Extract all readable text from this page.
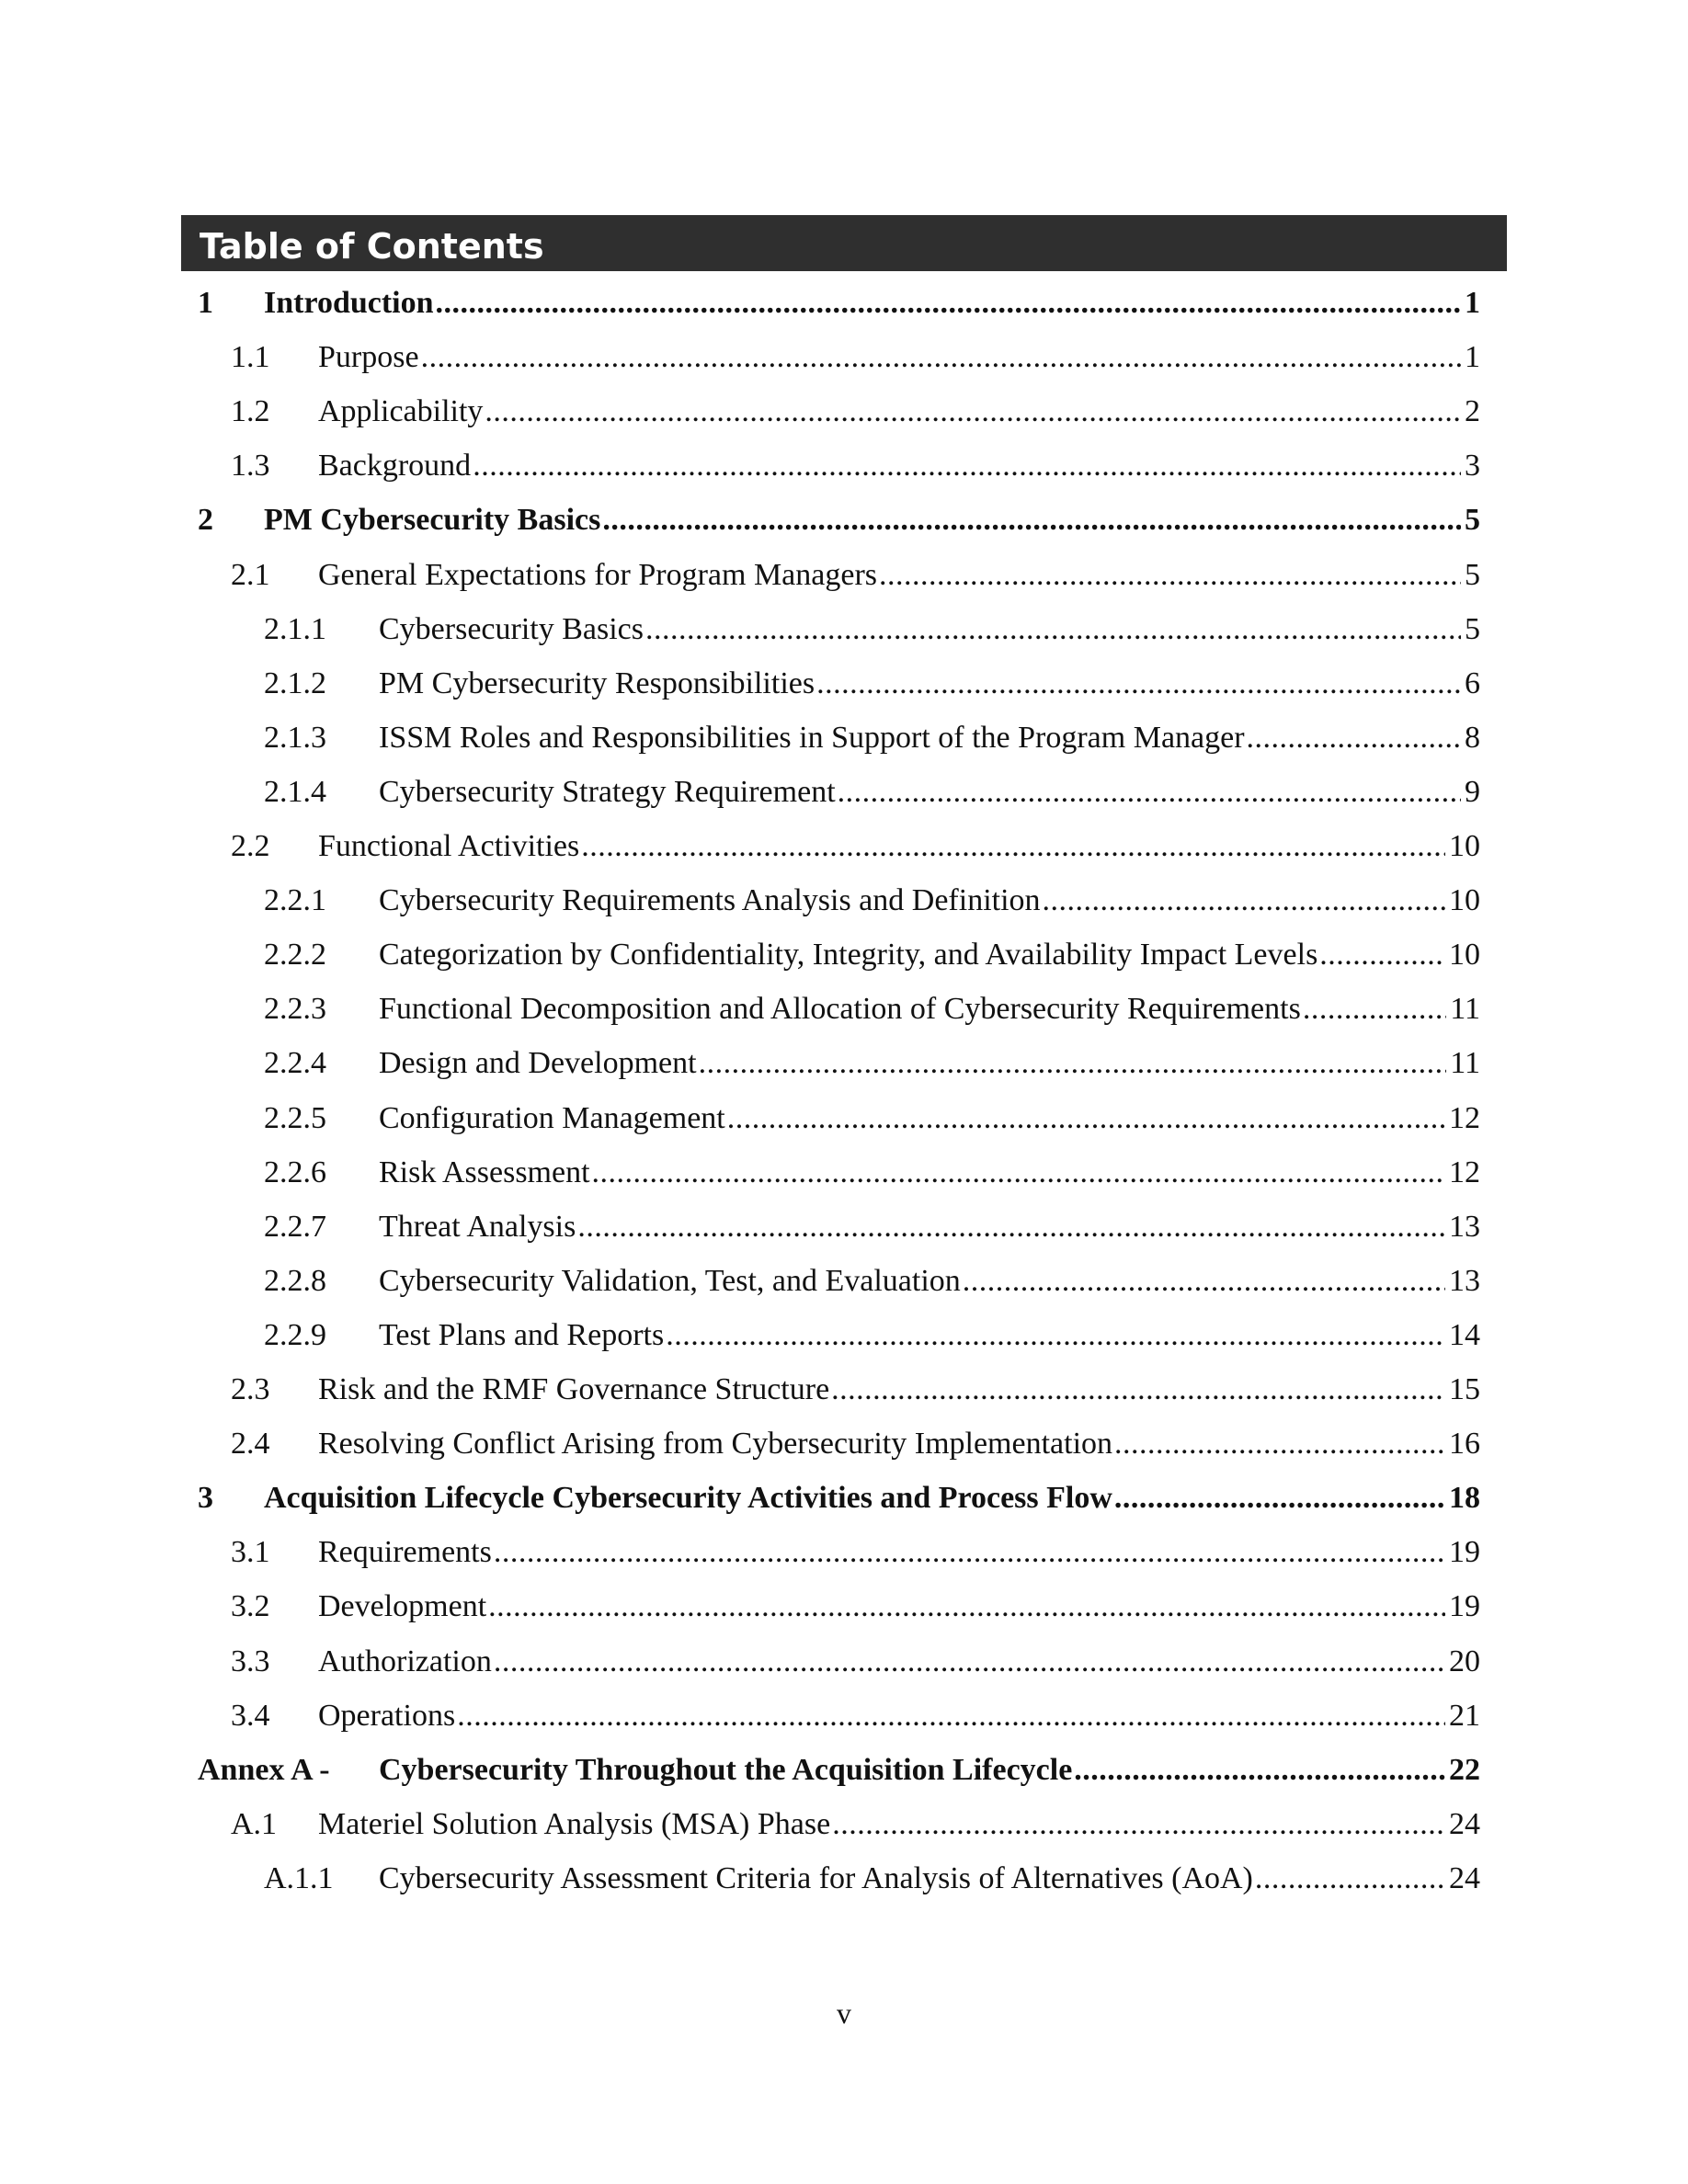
Table of Contents
1 Introduction .....	1
1.1 Purpose .....	1
1.2 Applicability .....	2
1.3 Background .....	3
2 PM Cybersecurity Basics .....	5
2.1 General Expectations for Program Managers .....	5
2.1.1 Cybersecurity Basics .....	5
2.1.2 PM Cybersecurity Responsibilities .....	6
2.1.3 ISSM Roles and Responsibilities in Support of the Program Manager .....	8
2.1.4 Cybersecurity Strategy Requirement .....	9
2.2 Functional Activities .....	10
2.2.1 Cybersecurity Requirements Analysis and Definition .....	10
2.2.2 Categorization by Confidentiality, Integrity, and Availability Impact Levels .....	10
2.2.3 Functional Decomposition and Allocation of Cybersecurity Requirements .....	11
2.2.4 Design and Development .....	11
2.2.5 Configuration Management .....	12
2.2.6 Risk Assessment .....	12
2.2.7 Threat Analysis .....	13
2.2.8 Cybersecurity Validation, Test, and Evaluation .....	13
2.2.9 Test Plans and Reports .....	14
2.3 Risk and the RMF Governance Structure .....	15
2.4 Resolving Conflict Arising from Cybersecurity Implementation .....	16
3 Acquisition Lifecycle Cybersecurity Activities and Process Flow .....	18
3.1 Requirements .....	19
3.2 Development .....	19
3.3 Authorization .....	20
3.4 Operations .....	21
Annex A - Cybersecurity Throughout the Acquisition Lifecycle .....	22
A.1 Materiel Solution Analysis (MSA) Phase .....	24
A.1.1 Cybersecurity Assessment Criteria for Analysis of Alternatives (AoA) .....	24
v
